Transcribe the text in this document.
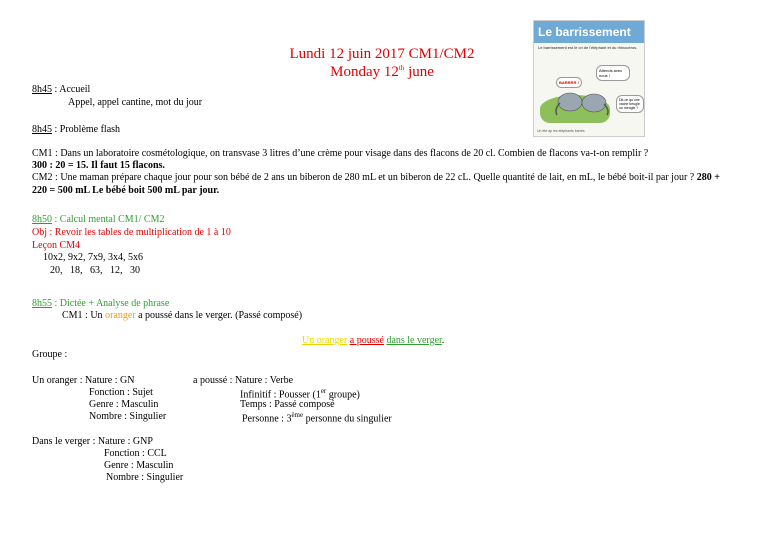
Lundi 12 juin 2017 CM1/CM2
Monday 12th june
Le barrissement
Le barrissement est le cri de l'éléphant et du rhinocéros.
BARRRR !
Attends avec nous !
Dit-on qu'une vache beugle ou meugle ?
Un été ap les éléphants barrès
8h45 : Accueil
Appel, appel cantine, mot du jour
8h45 : Problème flash
CM1 : Dans un laboratoire cosmétologique, on transvase 3 litres d’une crème pour visage dans des flacons de 20 cl. Combien de flacons va-t-on remplir ?
300 : 20 = 15. Il faut 15 flacons.
CM2 : Une maman prépare chaque jour pour son bébé de 2 ans un biberon de 280 mL et un biberon de 22 cL. Quelle quantité de lait, en mL, le bébé boit-il par jour ? 280 + 220 = 500 mL Le bébé boit 500 mL par jour.
8h50 : Calcul mental CM1/ CM2
Obj : Revoir les tables de multiplication de 1 à 10
Leçon CM4
10x2, 9x2, 7x9, 3x4, 5x6
20,   18,   63,   12,   30
8h55 : Dictée + Analyse de phrase
CM1 : Un oranger a poussé dans le verger. (Passé composé)
Un oranger a poussé dans le verger.
Groupe :
Un oranger : Nature : GN
Fonction : Sujet
Genre : Masculin
Nombre : Singulier
a poussé : Nature : Verbe
Infinitif : Pousser (1er groupe)
Temps : Passé composé
Personne : 3ème personne du singulier
Dans le verger : Nature : GNP
Fonction : CCL
Genre : Masculin
Nombre : Singulier
